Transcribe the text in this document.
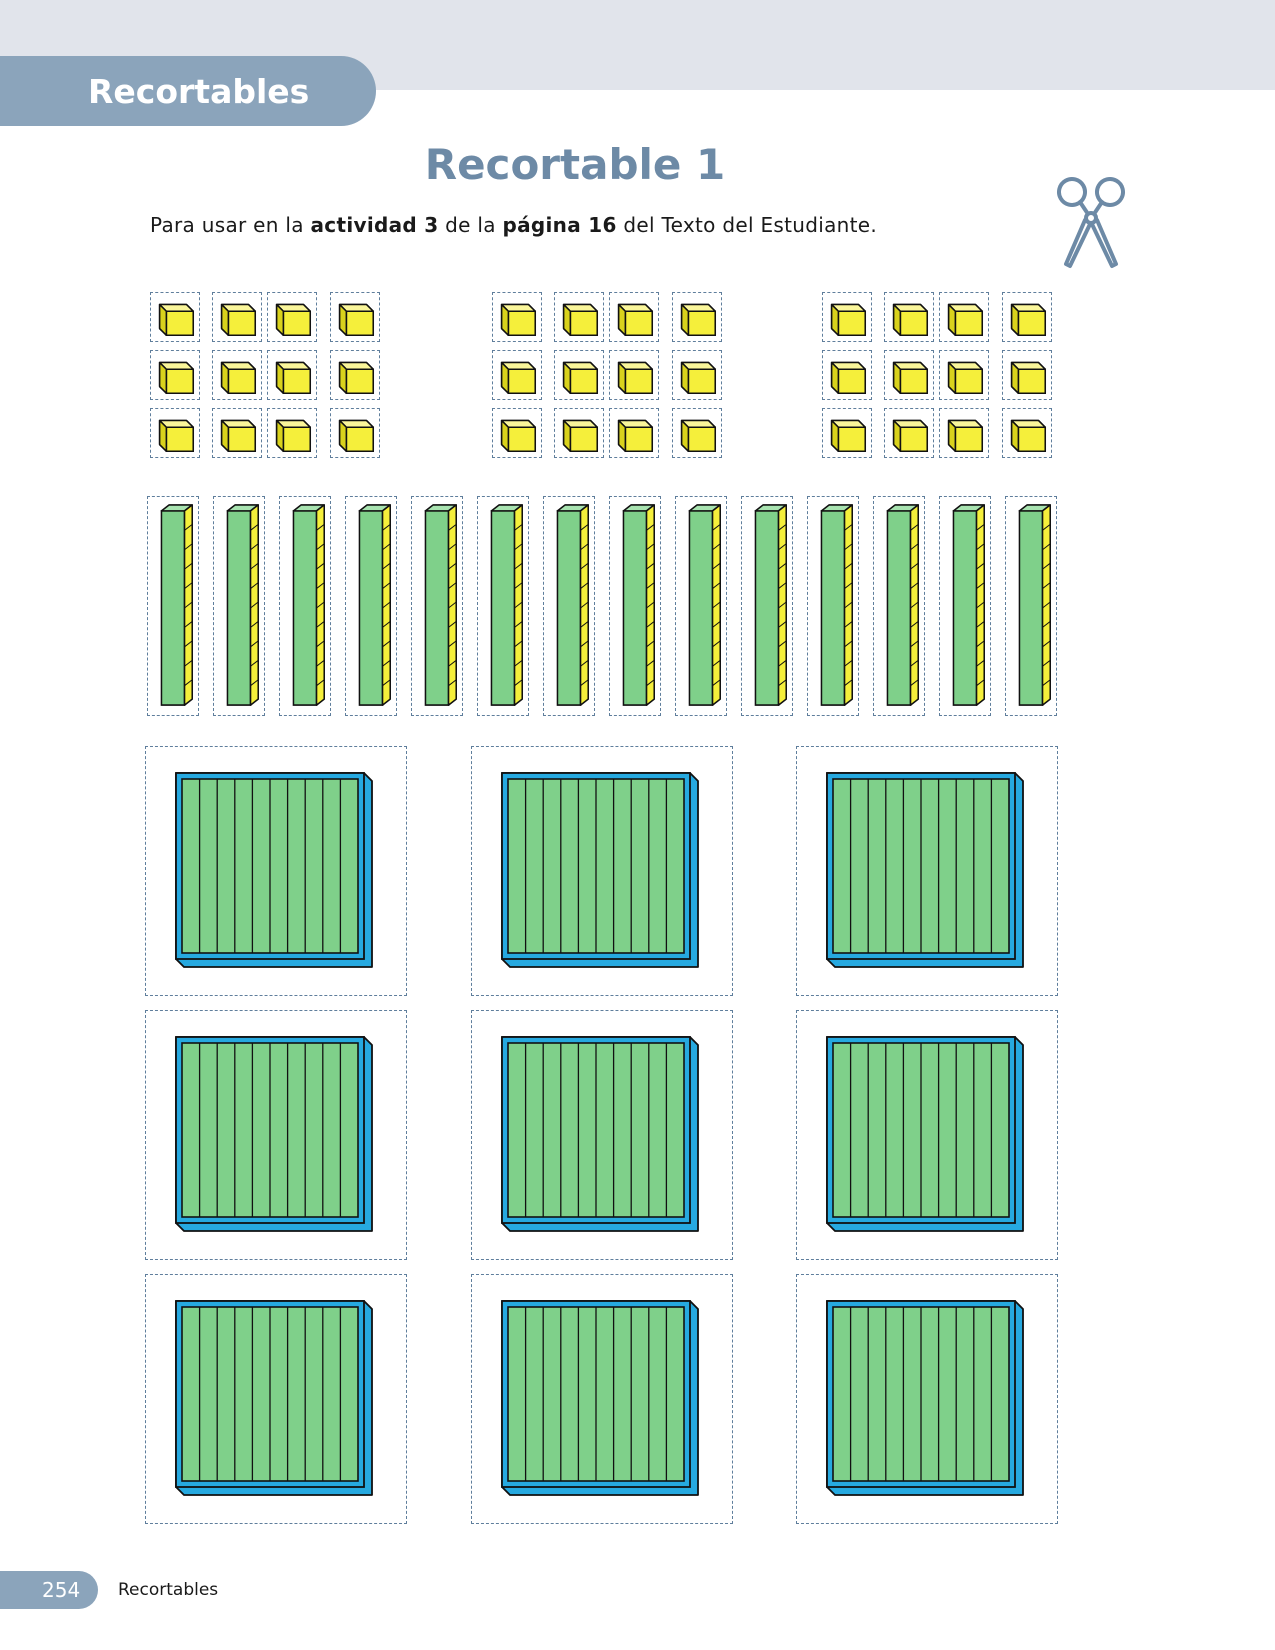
Recortables
Recortable 1
Para usar en la actividad 3 de la página 16 del Texto del Estudiante.
254 Recortables
